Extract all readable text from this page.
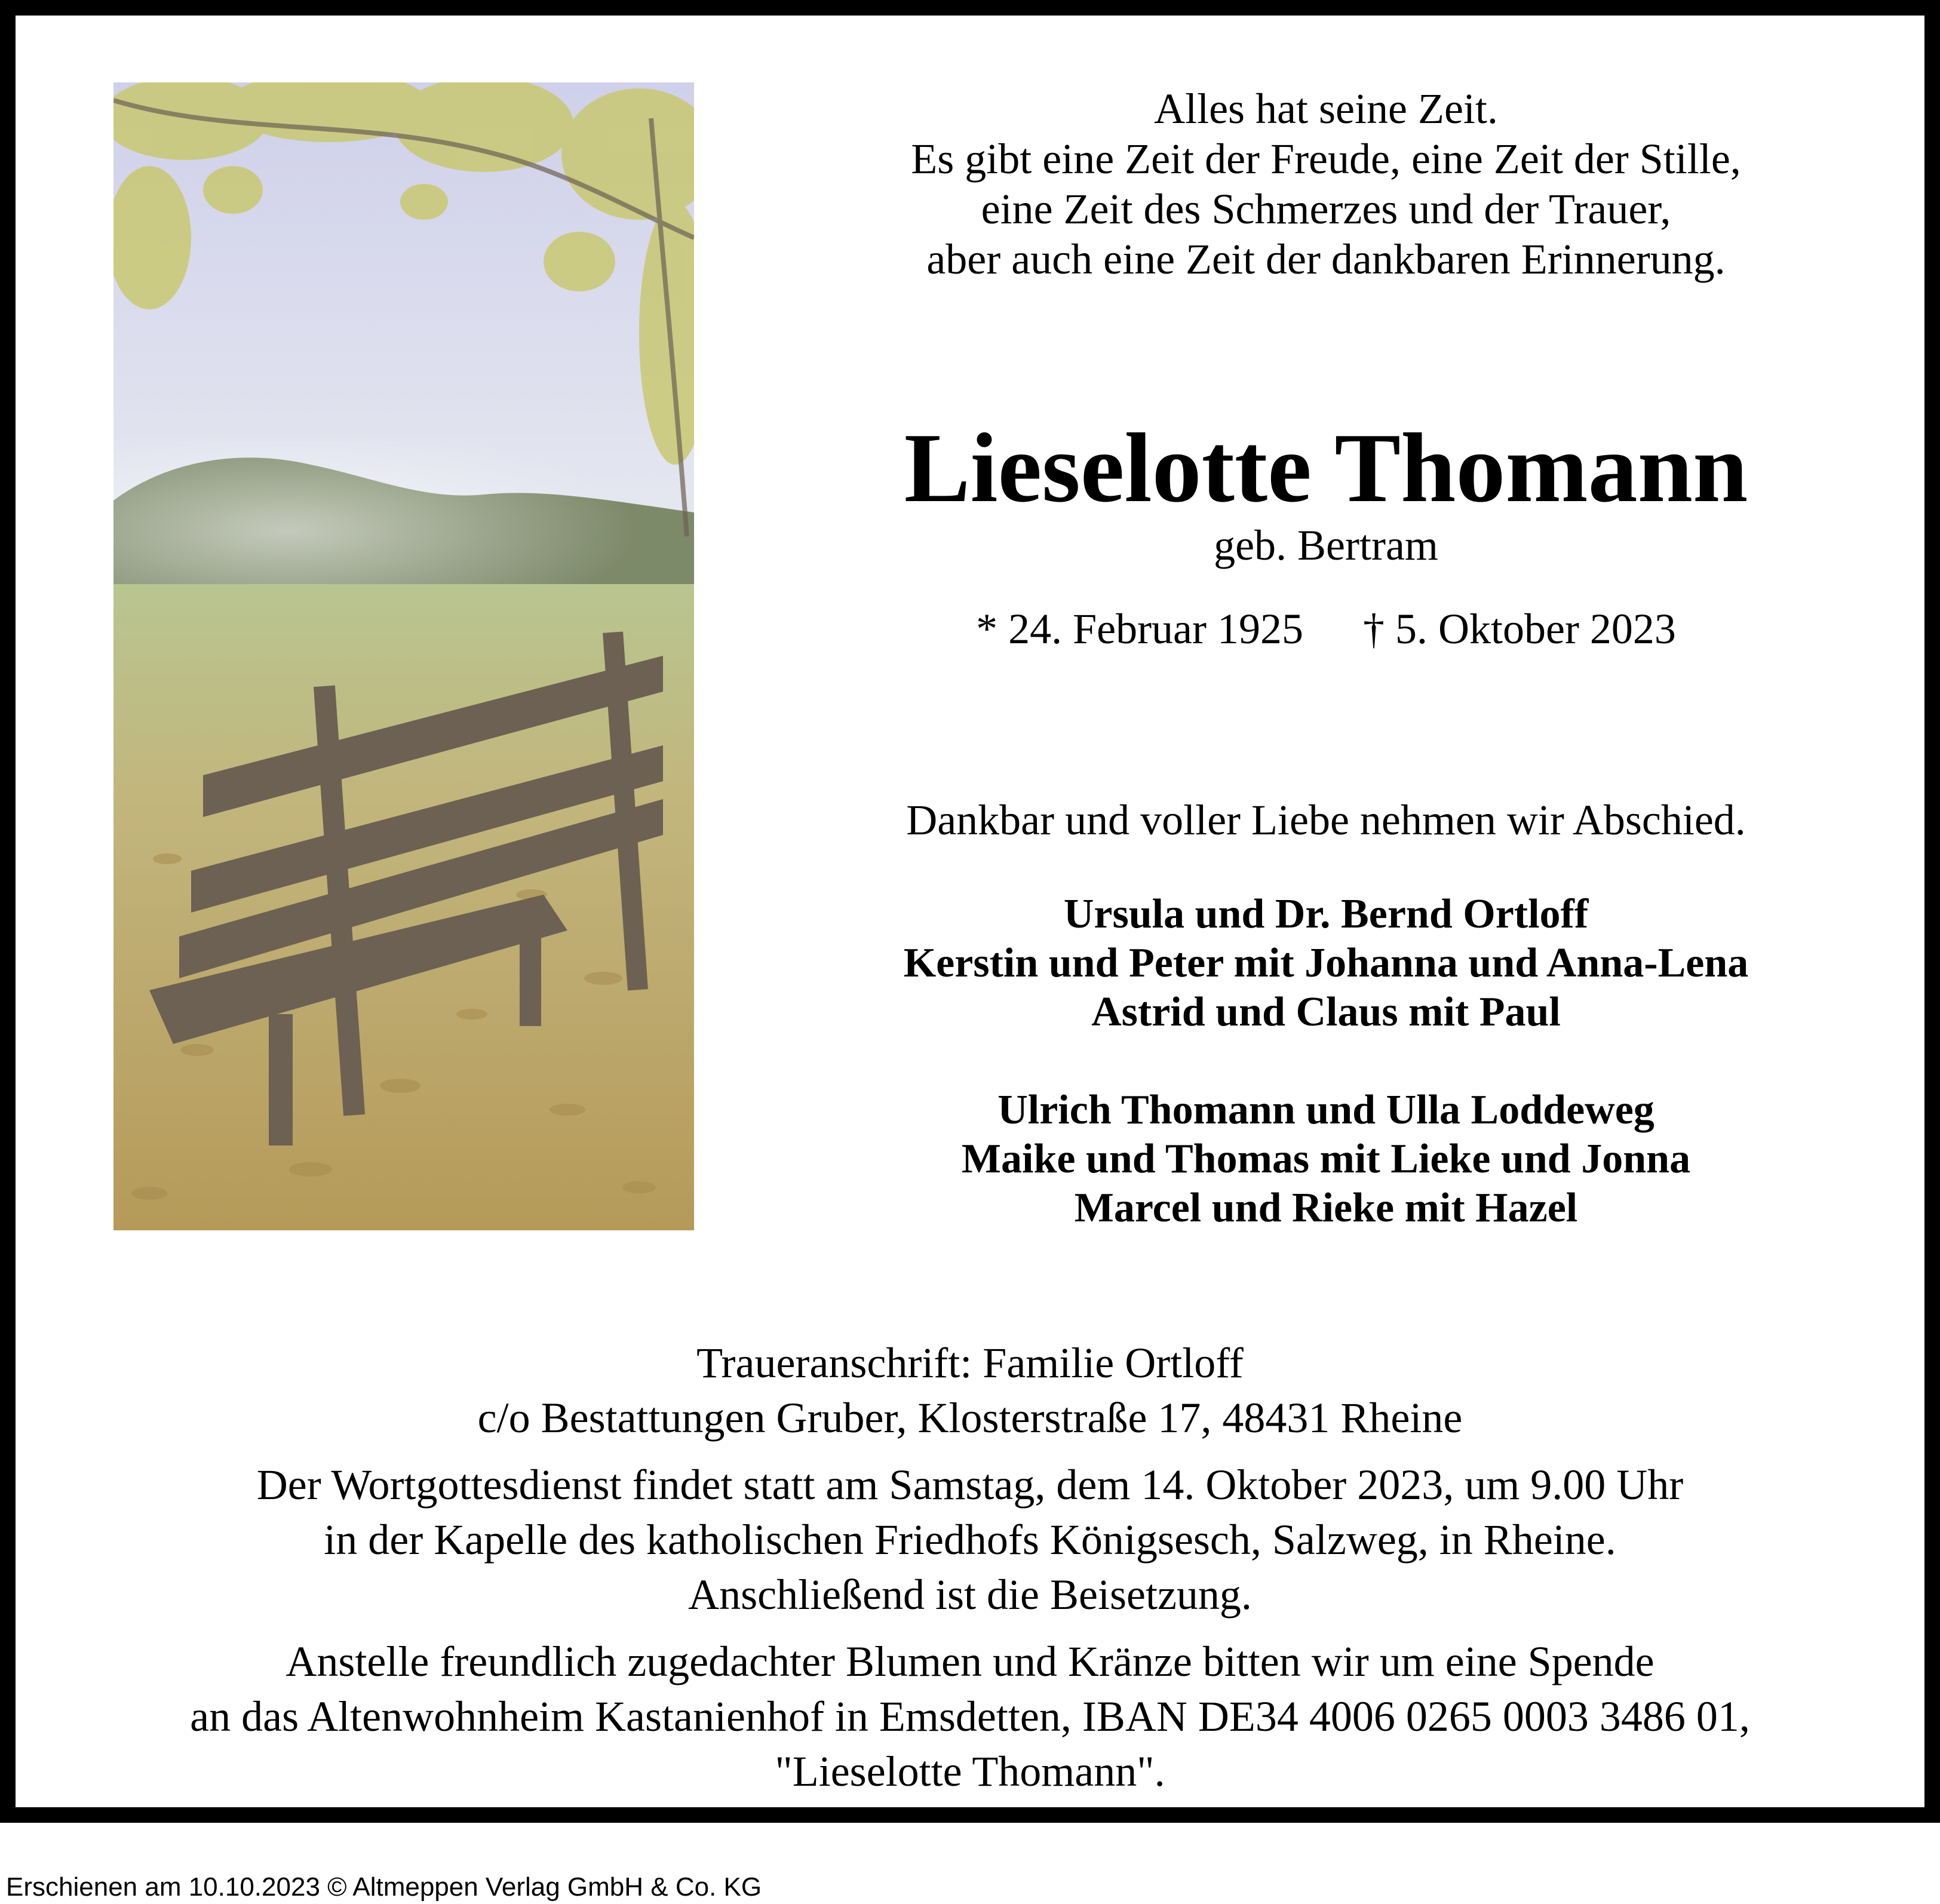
Alles hat seine Zeit.
Es gibt eine Zeit der Freude, eine Zeit der Stille,
eine Zeit des Schmerzes und der Trauer,
aber auch eine Zeit der dankbaren Erinnerung.
Lieselotte Thomann
geb. Bertram
* 24. Februar 1925 † 5. Oktober 2023
Dankbar und voller Liebe nehmen wir Abschied.
Ursula und Dr. Bernd Ortloff
Kerstin und Peter mit Johanna und Anna-Lena
Astrid und Claus mit Paul
Ulrich Thomann und Ulla Loddeweg
Maike und Thomas mit Lieke und Jonna
Marcel und Rieke mit Hazel
Traueranschrift: Familie Ortloff
c/o Bestattungen Gruber, Klosterstraße 17, 48431 Rheine
Der Wortgottesdienst findet statt am Samstag, dem 14. Oktober 2023, um 9.00 Uhr
in der Kapelle des katholischen Friedhofs Königsesch, Salzweg, in Rheine.
Anschließend ist die Beisetzung.
Anstelle freundlich zugedachter Blumen und Kränze bitten wir um eine Spende
an das Altenwohnheim Kastanienhof in Emsdetten, IBAN DE34 4006 0265 0003 3486 01,
"Lieselotte Thomann".
Erschienen am 10.10.2023 © Altmeppen Verlag GmbH & Co. KG
